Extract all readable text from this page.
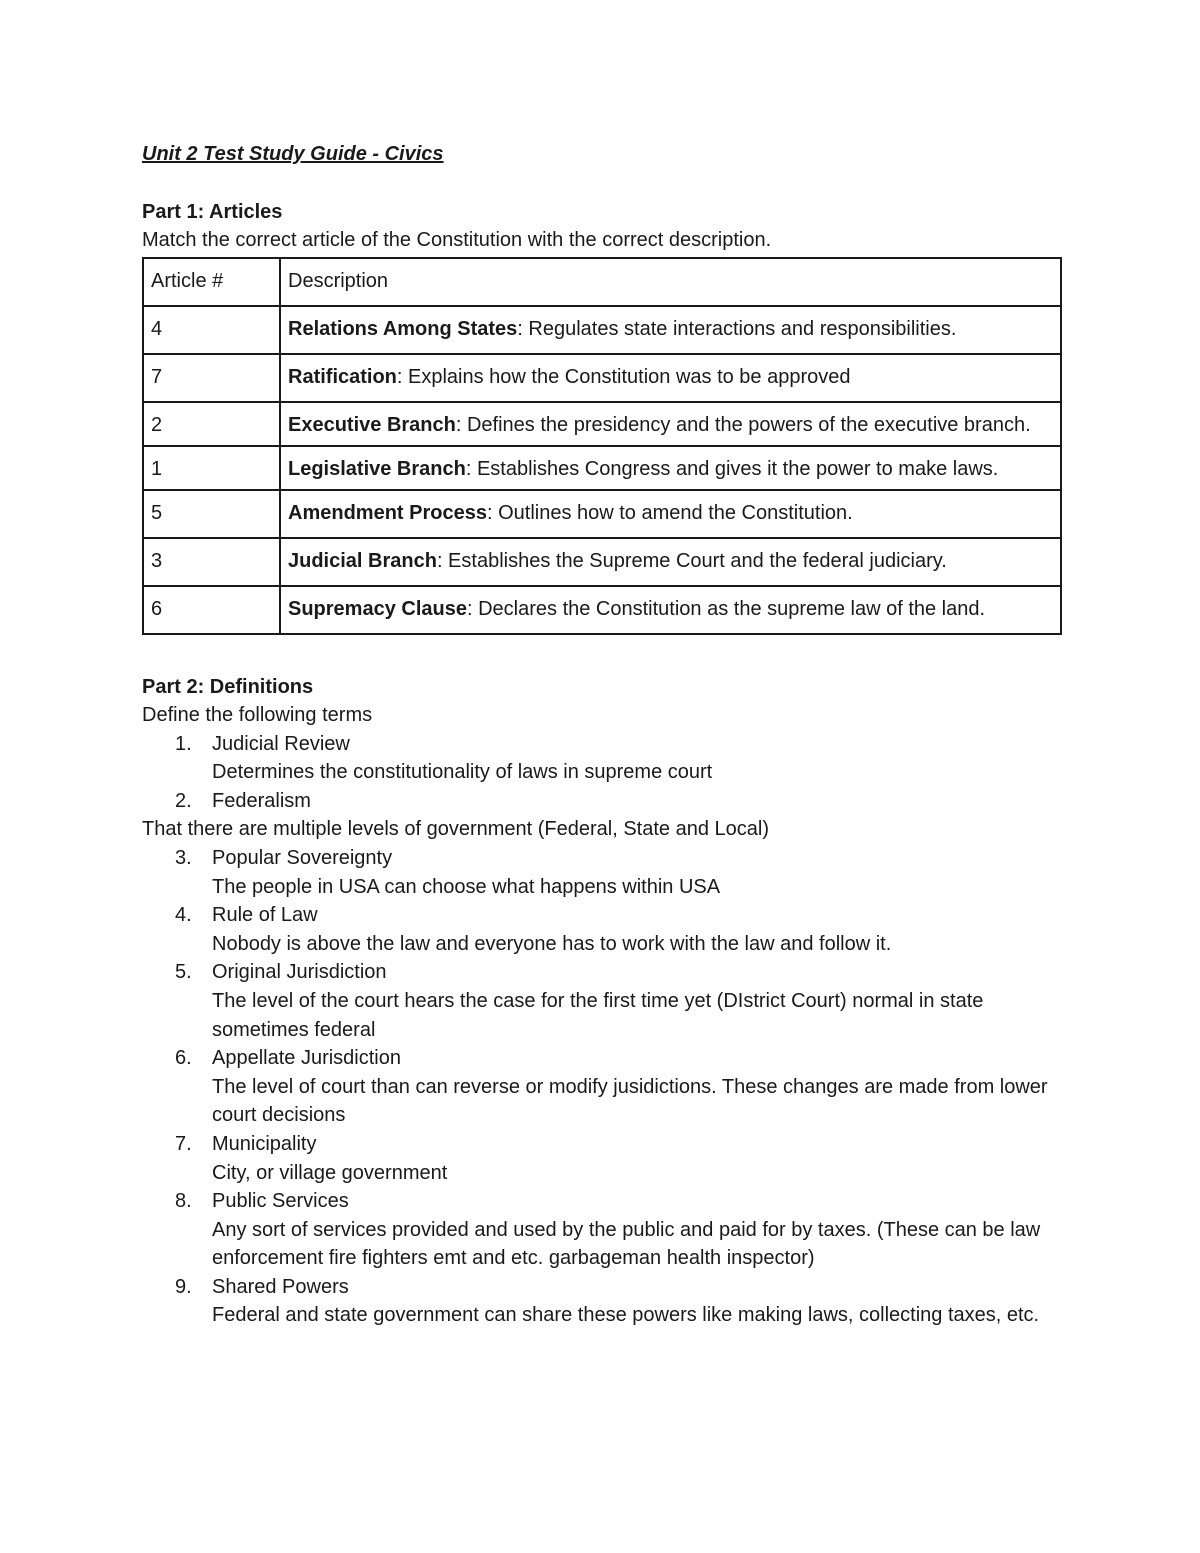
Unit 2 Test Study Guide - Civics
Part 1: Articles
Match the correct article of the Constitution with the correct description.
Article #	Description
4	Relations Among States: Regulates state interactions and responsibilities.
7	Ratification: Explains how the Constitution was to be approved
2	Executive Branch: Defines the presidency and the powers of the executive branch.
1	Legislative Branch: Establishes Congress and gives it the power to make laws.
5	Amendment Process: Outlines how to amend the Constitution.
3	Judicial Branch: Establishes the Supreme Court and the federal judiciary.
6	Supremacy Clause: Declares the Constitution as the supreme law of the land.
Part 2: Definitions
Define the following terms
1. Judicial Review
Determines the constitutionality of laws in supreme court
2. Federalism
That there are multiple levels of government (Federal, State and Local)
3. Popular Sovereignty
The people in USA can choose what happens within USA
4. Rule of Law
Nobody is above the law and everyone has to work with the law and follow it.
5. Original Jurisdiction
The level of the court hears the case for the first time yet (DIstrict Court) normal in state sometimes federal
6. Appellate Jurisdiction
The level of court than can reverse or modify jusidictions. These changes are made from lower court decisions
7. Municipality
City, or village government
8. Public Services
Any sort of services provided and used by the public and paid for by taxes. (These can be law enforcement fire fighters emt and etc. garbageman health inspector)
9. Shared Powers
Federal and state government can share these powers like making laws, collecting taxes, etc.
